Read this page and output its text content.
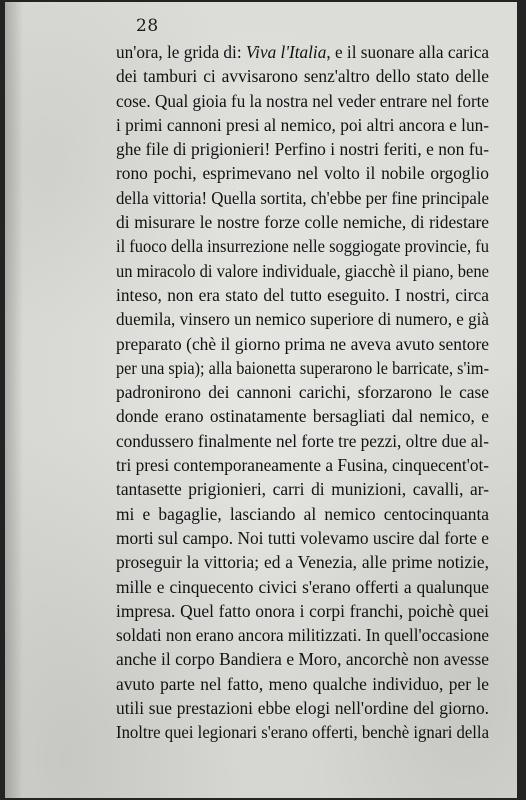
28
un'ora, le grida di: Viva l'Italia, e il suonare alla carica
dei tamburi ci avvisarono senz'altro dello stato delle
cose. Qual gioia fu la nostra nel veder entrare nel forte
i primi cannoni presi al nemico, poi altri ancora e lun-
ghe file di prigionieri! Perfino i nostri feriti, e non fu-
rono pochi, esprimevano nel volto il nobile orgoglio
della vittoria! Quella sortita, ch'ebbe per fine principale
di misurare le nostre forze colle nemiche, di ridestare
il fuoco della insurrezione nelle soggiogate provincie, fu
un miracolo di valore individuale, giacchè il piano, bene
inteso, non era stato del tutto eseguito. I nostri, circa
duemila, vinsero un nemico superiore di numero, e già
preparato (chè il giorno prima ne aveva avuto sentore
per una spia); alla baionetta superarono le barricate, s'im-
padronirono dei cannoni carichi, sforzarono le case
donde erano ostinatamente bersagliati dal nemico, e
condussero finalmente nel forte tre pezzi, oltre due al-
tri presi contemporaneamente a Fusina, cinquecent'ot-
tantasette prigionieri, carri di munizioni, cavalli, ar-
mi e bagaglie, lasciando al nemico centocinquanta
morti sul campo. Noi tutti volevamo uscire dal forte e
proseguir la vittoria; ed a Venezia, alle prime notizie,
mille e cinquecento civici s'erano offerti a qualunque
impresa. Quel fatto onora i corpi franchi, poichè quei
soldati non erano ancora militizzati. In quell'occasione
anche il corpo Bandiera e Moro, ancorchè non avesse
avuto parte nel fatto, meno qualche individuo, per le
utili sue prestazioni ebbe elogi nell'ordine del giorno.
Inoltre quei legionari s'erano offerti, benchè ignari della
